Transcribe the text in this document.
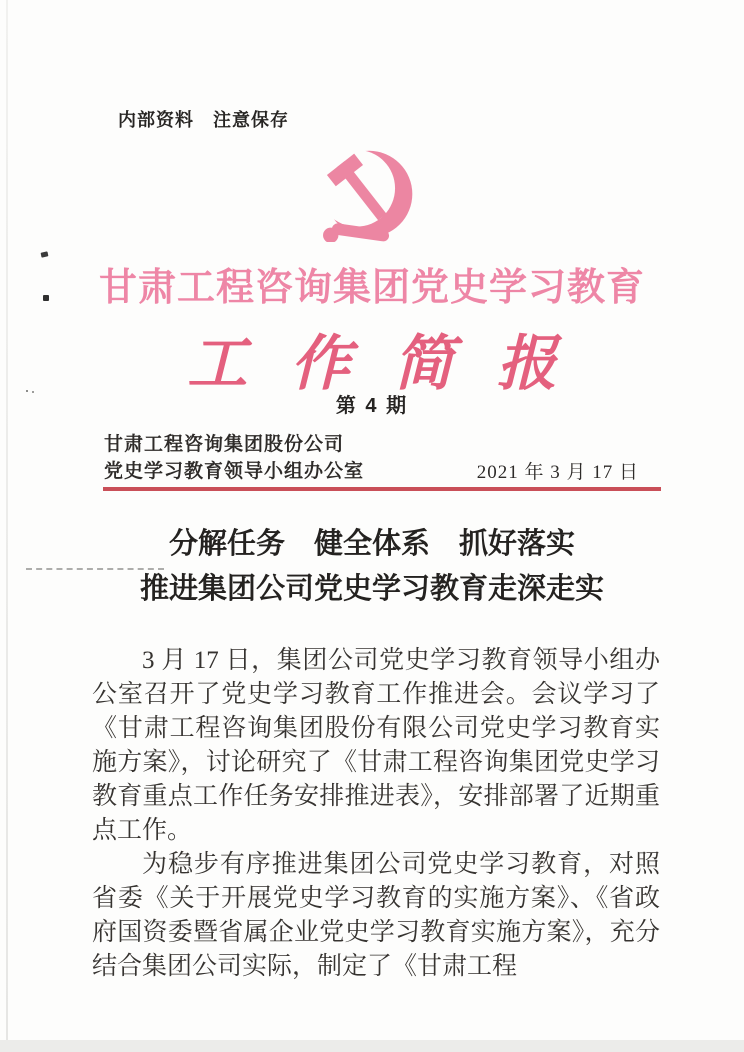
内部资料　注意保存
甘肃工程咨询集团党史学习教育
工作简报
第 4 期
甘肃工程咨询集团股份公司
党史学习教育领导小组办公室	2021 年 3 月 17 日
分解任务　健全体系　抓好落实
推进集团公司党史学习教育走深走实

3 月 17 日，集团公司党史学习教育领导小组办公室召开了党史学习教育工作推进会。会议学习了《甘肃工程咨询集团股份有限公司党史学习教育实施方案》，讨论研究了《甘肃工程咨询集团党史学习教育重点工作任务安排推进表》，安排部署了近期重点工作。

为稳步有序推进集团公司党史学习教育，对照省委《关于开展党史学习教育的实施方案》、《省政府国资委暨省属企业党史学习教育实施方案》，充分结合集团公司实际，制定了《甘肃工程
